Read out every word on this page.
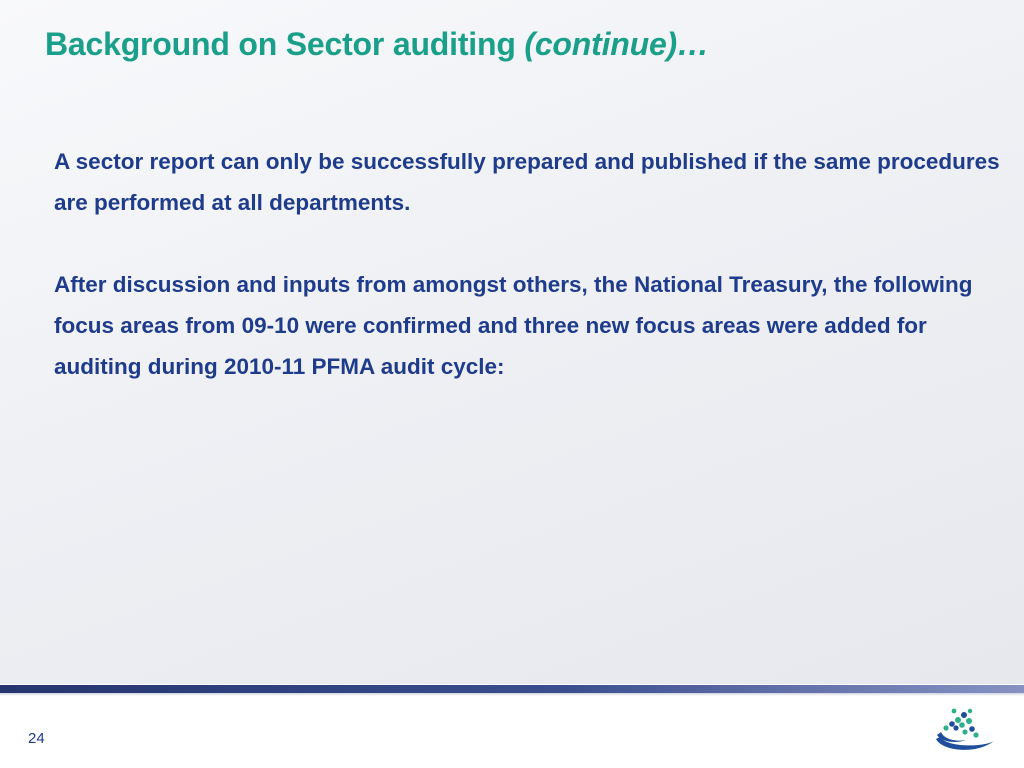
Background on Sector auditing (continue)…

A sector report can only be successfully prepared and published if the same procedures are performed at all departments.

After discussion and inputs from amongst others, the National Treasury, the following focus areas from 09-10 were confirmed and three new focus areas were added for auditing during 2010-11 PFMA audit cycle:

24
